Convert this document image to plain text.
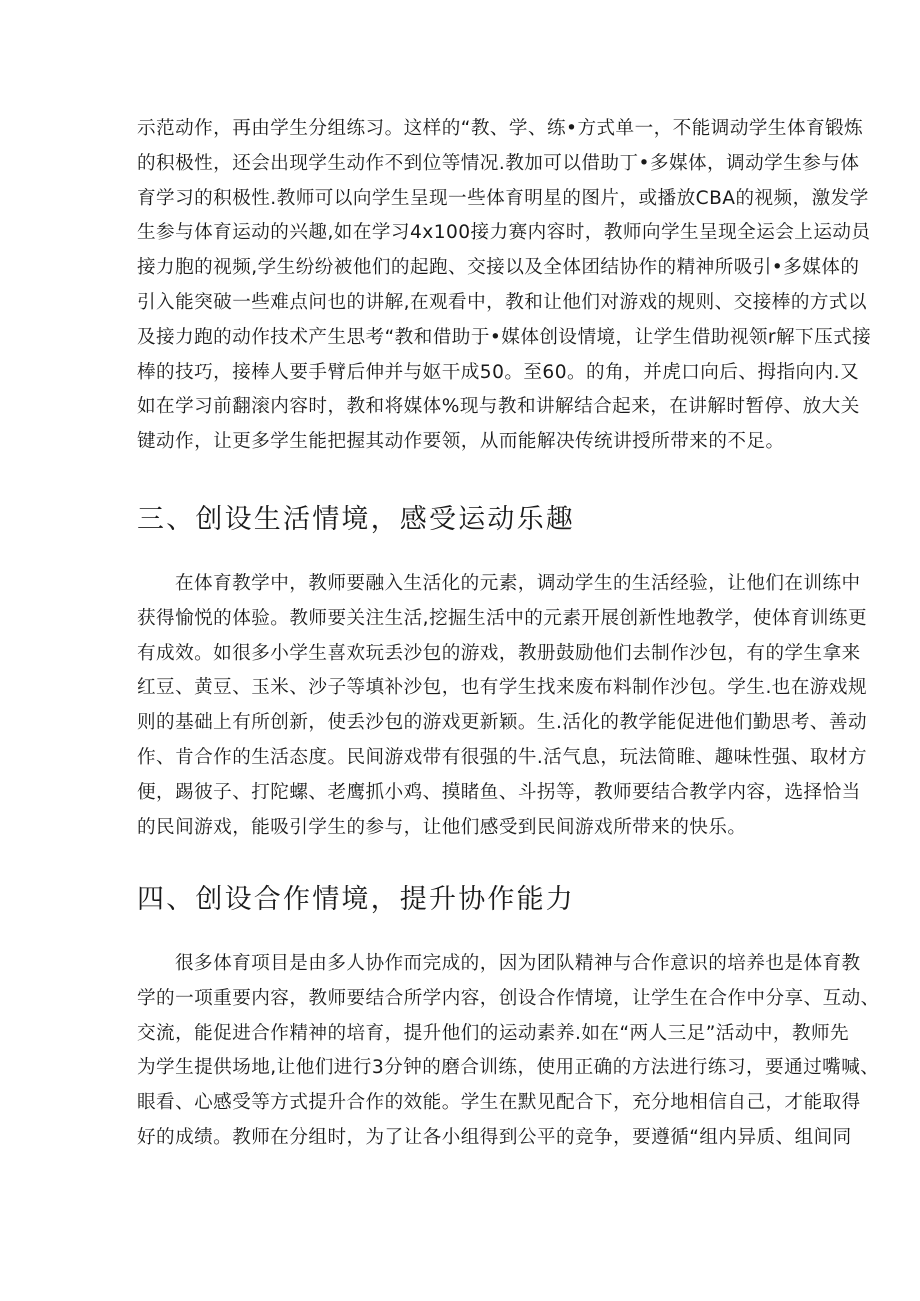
示范动作，再由学生分组练习。这样的“教、学、练•方式单一，不能调动学生体育锻炼
的积极性，还会出现学生动作不到位等情况.教加可以借助丁•多媒体，调动学生参与体
育学习的积极性.教师可以向学生呈现一些体育明星的图片，或播放CBA的视频，激发学
生参与体育运动的兴趣,如在学习4x100接力赛内容时，教师向学生呈现全运会上运动员
接力胞的视频,学生纷纷被他们的起跑、交接以及全体团结协作的精神所吸引•多媒体的
引入能突破一些难点问也的讲解,在观看中，教和让他们对游戏的规则、交接棒的方式以
及接力跑的动作技术产生思考“教和借助于•媒体创设情境，让学生借助视领r解下压式接
棒的技巧，接棒人要手臂后伸并与妪干成50。至60。的角，并虎口向后、拇指向内.又
如在学习前翻滚内容时，教和将媒体%现与教和讲解结合起来，在讲解时暂停、放大关
键动作，让更多学生能把握其动作要领，从而能解决传统讲授所带来的不足。
三、创设生活情境，感受运动乐趣
在体育教学中，教师要融入生活化的元素，调动学生的生活经验，让他们在训练中
获得愉悦的体验。教师要关注生活,挖掘生活中的元素开展创新性地教学，使体育训练更
有成效。如很多小学生喜欢玩丢沙包的游戏，教册鼓励他们去制作沙包，有的学生拿来
红豆、黄豆、玉米、沙子等填补沙包，也有学生找来废布料制作沙包。学生.也在游戏规
则的基础上有所创新，使丢沙包的游戏更新颖。生.活化的教学能促进他们勤思考、善动
作、肯合作的生活态度。民间游戏带有很强的牛.活气息，玩法简睢、趣味性强、取材方
便，踢彼子、打陀螺、老鹰抓小鸡、摸睹鱼、斗拐等，教师要结合教学内容，选择恰当
的民间游戏，能吸引学生的参与，让他们感受到民间游戏所带来的快乐。
四、创设合作情境，提升协作能力
很多体育项目是由多人协作而完成的，因为团队精神与合作意识的培养也是体育教
学的一项重要内容，教师要结合所学内容，创设合作情境，让学生在合作中分享、互动、
交流，能促进合作精神的培育，提升他们的运动素养.如在“两人三足”活动中，教师先
为学生提供场地,让他们进行3分钟的磨合训练，使用正确的方法进行练习，要通过嘴喊、
眼看、心感受等方式提升合作的效能。学生在默见配合下，充分地相信自己，才能取得
好的成绩。教师在分组时，为了让各小组得到公平的竞争，要遵循“组内异质、组间同
